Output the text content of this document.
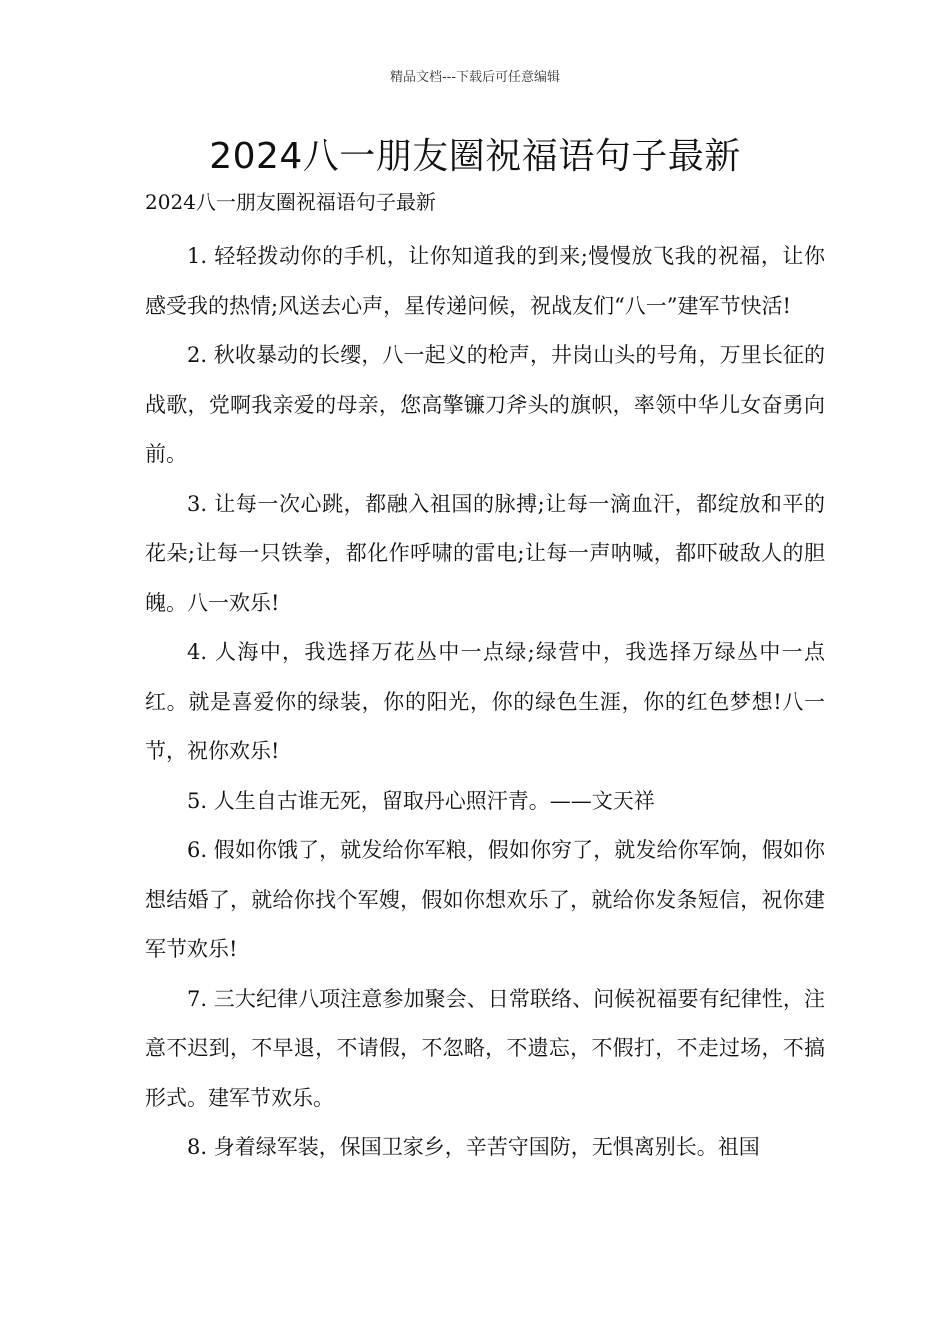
精品文档---下载后可任意编辑
2024八一朋友圈祝福语句子最新
2024八一朋友圈祝福语句子最新

1. 轻轻拨动你的手机，让你知道我的到来;慢慢放飞我的祝福，让你感受我的热情;风送去心声，星传递问候，祝战友们“八一”建军节快活!

2. 秋收暴动的长缨，八一起义的枪声，井岗山头的号角，万里长征的战歌，党啊我亲爱的母亲，您高擎镰刀斧头的旗帜，率领中华儿女奋勇向前。

3. 让每一次心跳，都融入祖国的脉搏;让每一滴血汗，都绽放和平的花朵;让每一只铁拳，都化作呼啸的雷电;让每一声呐喊，都吓破敌人的胆魄。八一欢乐!

4. 人海中，我选择万花丛中一点绿;绿营中，我选择万绿丛中一点红。就是喜爱你的绿装，你的阳光，你的绿色生涯，你的红色梦想!八一节，祝你欢乐!

5. 人生自古谁无死，留取丹心照汗青。——文天祥

6. 假如你饿了，就发给你军粮，假如你穷了，就发给你军饷，假如你想结婚了，就给你找个军嫂，假如你想欢乐了，就给你发条短信，祝你建军节欢乐!

7. 三大纪律八项注意参加聚会、日常联络、问候祝福要有纪律性，注意不迟到，不早退，不请假，不忽略，不遗忘，不假打，不走过场，不搞形式。建军节欢乐。

8. 身着绿军装，保国卫家乡，辛苦守国防，无惧离别长。祖国
